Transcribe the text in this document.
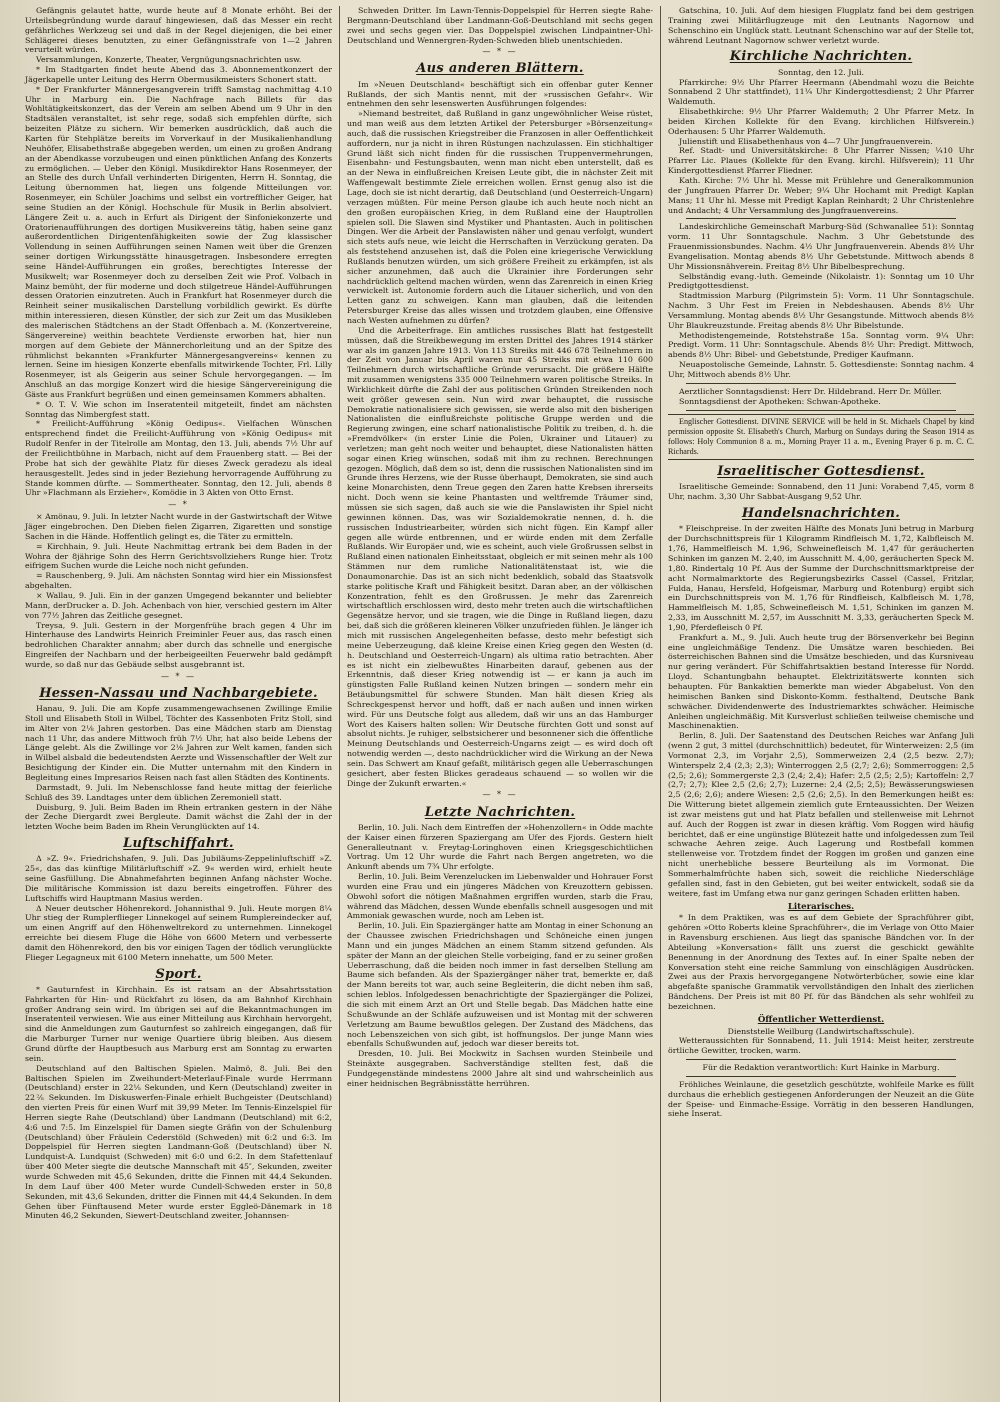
Gefängnis gelautet hatte, wurde heute auf 8 Monate erhöht. Bei der Urteilsbegründung wurde darauf hingewiesen, daß das Messer ein recht gefährliches Werkzeug sei und daß in der Regel diejenigen, die bei einer Schlägerei dieses benutzten, zu einer Gefängnisstrafe von 1—2 Jahren verurteilt würden.

Versammlungen, Konzerte, Theater, Vergnügungsnachrichten usw.

* Im Stadtgarten findet heute Abend das 3. Abonnementkonzert der Jägerkapelle unter Leitung des Herrn Obermusikmeisters Schonert statt.

* Der Frankfurter Männergesangverein trifft Samstag nachmittag 4.10 Uhr in Marburg ein. Die Nachfrage nach Billets für das Wohltätigkeitskonzert, das der Verein am selben Abend um 9 Uhr in den Stadtsälen veranstaltet, ist sehr rege, sodaß sich empfehlen dürfte, sich beizeiten Plätze zu sichern. Wir bemerken ausdrücklich, daß auch die Karten für Stehplätze bereits im Vorverkauf in der Musikalienhandlung Neuhöfer, Elisabethstraße abgegeben werden, um einen zu großen Andrang an der Abendkasse vorzubeugen und einen pünktlichen Anfang des Konzerts zu ermöglichen. — Ueber den Königl. Musikdirektor Hans Rosenmeyer, der an Stelle des durch Unfall verhinderten Dirigenten, Herrn H. Sonntag, die Leitung übernommen hat, liegen uns folgende Mitteilungen vor. Rosenmeyer, ein Schüler Joachims und selbst ein vortrefflicher Geiger, hat seine Studien an der Königl. Hochschule für Musik in Berlin absolviert. Längere Zeit u. a. auch in Erfurt als Dirigent der Sinfoniekonzerte und Oratorienaufführungen des dortigen Musikvereins tätig, haben seine ganz außerordentlichen Dirigentenfähigkeiten sowie der Zug klassischer Vollendung in seinen Aufführungen seinen Namen weit über die Grenzen seiner dortigen Wirkungsstätte hinausgetragen. Insbesondere erregten seine Händel-Aufführungen ein großes, berechtigtes Interesse der Musikwelt; war Rosenmeyer doch zu derselben Zeit wie Prof. Volbach in Mainz bemüht, der für moderne und doch stilgetreue Händel-Aufführungen dessen Oratorien einzutreten. Auch in Frankfurt hat Rosenmeyer durch die Reinheit seiner musikalischen Darstellung vorbildlich gewirkt. Es dürfte mithin interessieren, diesen Künstler, der sich zur Zeit um das Musikleben des malerischen Städtchens an der Stadt Offenbach a. M. (Konzertvereine, Sängervereine) weithin beachtete Verdienste erworben hat, hier nun morgen auf dem Gebiete der Männerchorleitung und an der Spitze des rühmlichst bekannten »Frankfurter Männergesangvereins« kennen zu lernen. Seine im hiesigen Konzerte ebenfalls mitwirkende Tochter, Frl. Lilly Rosenmeyer, ist als Geigerin aus seiner Schule hervorgegangen. — Im Anschluß an das morgige Konzert wird die hiesige Sängervereinigung die Gäste aus Frankfurt begrüßen und einen gemeinsamen Kommers abhalten.

* O. T. V. Wie schon im Inseratenteil mitgeteilt, findet am nächsten Sonntag das Nimbergfest statt.

* Freilicht-Aufführung »König Oedipus«. Vielfachen Wünschen entsprechend findet die Freilicht-Aufführung von »König Oedipus« mit Rudolf Renfer in der Titelrolle am Montag, den 13. Juli, abends 7½ Uhr auf der Freilichtbühne in Marbach, nicht auf dem Frauenberg statt. — Bei der Probe hat sich der gewählte Platz für dieses Zweck geradezu als ideal herausgestellt. Jedes sind in jeder Beziehung hervorragende Aufführung zu Stande kommen dürfte. — Sommertheater. Sonntag, den 12. Juli, abends 8 Uhr »Flachmann als Erzieher«, Komödie in 3 Akten von Otto Ernst.

— *

× Amönau, 9. Juli. In letzter Nacht wurde in der Gastwirtschaft der Witwe Jäger eingebrochen. Den Dieben fielen Zigarren, Zigaretten und sonstige Sachen in die Hände. Hoffentlich gelingt es, die Täter zu ermitteln.

= Kirchhain, 9. Juli. Heute Nachmittag ertrank bei dem Baden in der Wohra der 8jährige Sohn des Herrn Gerichtsvollziehers Runge hier. Trotz eifrigem Suchen wurde die Leiche noch nicht gefunden.

= Rauschenberg, 9. Juli. Am nächsten Sonntag wird hier ein Missionsfest abgehalten.

× Wallau, 9. Juli. Ein in der ganzen Umgegend bekannter und beliebter Mann, derDrucker a. D. Joh. Achenbach von hier, verschied gestern im Alter von 77½ Jahren das Zeitliche gesegnet.

Treysa, 9. Juli. Gestern in der Morgenfrühe brach gegen 4 Uhr im Hinterhause des Landwirts Heinrich Freiminler Feuer aus, das rasch einen bedrohlichen Charakter annahm; aber durch das schnelle und energische Eingreifen der Nachbarn und der herbeigeeilten Feuerwehr bald gedämpft wurde, so daß nur das Gebäude selbst ausgebrannt ist.

— * —
Hessen-Nassau und Nachbargebiete.

Hanau, 9. Juli. Die am Kopfe zusammengewachsenen Zwillinge Emilie Stoll und Elisabeth Stoll in Wilbel, Töchter des Kassenboten Fritz Stoll, sind im Alter von 2⅛ Jahren gestorben. Das eine Mädchen starb am Dienstag nach 11 Uhr, das andere Mittwoch früh 7½ Uhr, hat also beide Lebens der Länge gelebt. Als die Zwillinge vor 2⅛ Jahren zur Welt kamen, fanden sich in Wilbel alsbald die bedeutendsten Aerzte und Wissenschaftler der Welt zur Besichtigung der Kinder ein. Die Mutter unternahm mit den Kindern in Begleitung eines Impresarios Reisen nach fast allen Städten des Kontinents.

Darmstadt, 9. Juli. Im Nebenschlosse fand heute mittag der feierliche Schluß des 39. Landtages unter dem üblichen Zeremoniell statt.

Duisburg, 9. Juli. Beim Baden im Rhein ertranken gestern in der Nähe der Zeche Diergardt zwei Bergleute. Damit wächst die Zahl der in der letzten Woche beim Baden im Rhein Verunglückten auf 14.

Luftschiffahrt.

Δ »Z. 9«. Friedrichshafen, 9. Juli. Das Jubiläums-Zeppelinluftschiff »Z. 25«, das das künftige Militärluftschiff »Z. 9« werden wird, erhielt heute seine Gasfüllung. Die Abnahmefahrten beginnen Anfang nächster Woche. Die militärische Kommission ist dazu bereits eingetroffen. Führer des Luftschiffs wird Hauptmann Masius werden.

Δ Neuer deutscher Höhenrekord. Johannisthal 9. Juli. Heute morgen 8¼ Uhr stieg der Rumplerflieger Linnekogel auf seinem Rumplereindecker auf, um einen Angriff auf den Höhenweltrekord zu unternehmen. Linnekogel erreichte bei diesem Fluge die Höhe von 6600 Metern und verbesserte damit den Höhenrekord, den bis vor einigen Tagen der tödlich verunglückte Flieger Legagneux mit 6100 Metern innehatte, um 500 Meter.

Sport.

* Gauturnfest in Kirchhain. Es ist ratsam an der Absahrtsstation Fahrkarten für Hin- und Rückfahrt zu lösen, da am Bahnhof Kirchhain großer Andrang sein wird. Im übrigen sei auf die Bekanntmachungen im Inseratenteil verwiesen. Wie aus einer Mitteilung aus Kirchhain hervorgeht, sind die Anmeldungen zum Gauturnfest so zahlreich eingegangen, daß für die Marburger Turner nur wenige Quartiere übrig bleiben. Aus diesem Grund dürfte der Hauptbesuch aus Marburg erst am Sonntag zu erwarten sein.

Deutschland auf den Baltischen Spielen. Malmö, 8. Juli. Bei den Baltischen Spielen im Zweihundert-Meterlauf-Finale wurde Herrmann (Deutschland) erster in 22⅕ Sekunden, und Kern (Deutschland) zweiter in 22⅖ Sekunden. Im Diskuswerfen-Finale erhielt Buchgeister (Deutschland) den vierten Preis für einen Wurf mit 39,99 Meter. Im Tennis-Einzelspiel für Herren siegte Rahe (Deutschland) über Landmann (Deutschland) mit 6:2, 4:6 und 7:5. Im Einzelspiel für Damen siegte Gräfin von der Schulenburg (Deutschland) über Fräulein Cederstöld (Schweden) mit 6:2 und 6:3. Im Doppelspiel für Herren siegten Landmann-Goß (Deutschland) über N. Lundquist-A. Lundquist (Schweden) mit 6:0 und 6:2. In dem Stafettenlauf über 400 Meter siegte die deutsche Mannschaft mit 45″, Sekunden, zweiter wurde Schweden mit 45,6 Sekunden, dritte die Finnen mit 44,4 Sekunden. In dem Lauf über 400 Meter wurde Cundell-Schweden erster in 50,8 Sekunden, mit 43,6 Sekunden, dritter die Finnen mit 44,4 Sekunden. In dem Gehen über Fünftausend Meter wurde erster Eggleö-Dänemark in 18 Minuten 46,2 Sekunden, Siewert-Deutschland zweiter, Johannsen-

Schweden Dritter. Im Lawn-Tennis-Doppelspiel für Herren siegte Rahe-Bergmann-Deutschland über Landmann-Goß-Deutschland mit sechs gegen zwei und sechs gegen vier. Das Doppelspiel zwischen Lindpaintner-Uhl-Deutschland und Wennergren-Ryden-Schweden blieb unentschieden.

— * —
Aus anderen Blättern.

Im »Neuen Deutschland« beschäftigt sich ein offenbar guter Kenner Rußlands, der sich Mantis nennt, mit der »russischen Gefahr«. Wir entnehmen den sehr lesenswerten Ausführungen folgendes:

»Niemand bestreitet, daß Rußland in ganz ungewöhnlicher Weise rüstet, und man weiß aus dem letzten Artikel der Petersburger »Börsenzeitung« auch, daß die russischen Kriegstreiber die Franzosen in aller Oeffentlichkeit auffordern, nur ja nicht in ihren Rüstungen nachzulassen. Ein stichhaltiger Grund läßt sich nicht finden für die russischen Truppenvermehrungen, Eisenbahn- und Festungsbauten, wenn man nicht eben unterstellt, daß es an der Newa in einflußreichen Kreisen Leute gibt, die in nächster Zeit mit Waffengewalt bestimmte Ziele erreichen wollen. Ernst genug also ist die Lage, doch sie ist nicht derartig, daß Deutschland (und Oesterreich-Ungarn) verzagen müßten. Für meine Person glaube ich auch heute noch nicht an den großen europäischen Krieg, in dem Rußland eine der Hauptrollen spielen soll. Die Slawen sind Mystiker und Phantasten. Auch in politischen Dingen. Wer die Arbeit der Panslawisten näher und genau verfolgt, wundert sich stets aufs neue, wie leicht die Herrschaften in Verzückung geraten. Da als feststehend anzusehen ist, daß die Polen eine kriegerische Verwicklung Rußlands benutzen würden, um sich größere Freiheit zu erkämpfen, ist als sicher anzunehmen, daß auch die Ukrainier ihre Forderungen sehr nachdrücklich geltend machen würden, wenn das Zarenreich in einen Krieg verwickelt ist. Autonomie fordern auch die Litauer sicherlich, und von den Letten ganz zu schweigen. Kann man glauben, daß die leitenden Petersburger Kreise das alles wissen und trotzdem glauben, eine Offensive nach Westen aufnehmen zu dürfen?

Und die Arbeiterfrage. Ein amtliches russisches Blatt hat festgestellt müssen, daß die Streikbewegung im ersten Drittel des Jahres 1914 stärker war als im ganzen Jahre 1913. Von 113 Streiks mit 446 678 Teilnehmern in der Zeit von Januar bis April waren nur 45 Streiks mit etwa 110 600 Teilnehmern durch wirtschaftliche Gründe verursacht. Die größere Hälfte mit zusammen wenigstens 335 000 Teilnehmern waren politische Streiks. In Wirklichkeit dürfte die Zahl der aus politischen Gründen Streikenden noch weit größer gewesen sein. Nun wird zwar behauptet, die russische Demokratie nationalisiere sich gewissen, sie werde also mit den bisherigen Nationalisten die einflußreichste politische Gruppe werden und die Regierung zwingen, eine scharf nationalistische Politik zu treiben, d. h. die »Fremdvölker« (in erster Linie die Polen, Ukrainer und Litauer) zu verletzen; man geht noch weiter und behauptet, diese Nationalisten hätten sogar einen Krieg wünschen, sodaß mit ihm zu rechnen. Berechnungen gezogen. Möglich, daß dem so ist, denn die russischen Nationalisten sind im Grunde ihres Herzens, wie der Russe überhaupt, Demokraten, sie sind auch keine Monarchisten, denn Treue gegen den Zaren hatte Krebsen ihrerseits nicht. Doch wenn sie keine Phantasten und weltfremde Träumer sind, müssen sie sich sagen, daß auch sie wie die Panslawisten ihr Spiel nicht gewinnen können. Das, was wir Sozialdemokratie nennen, d. h. die russischen Industriearbeiter, würden sich nicht fügen. Ein Kampf aller gegen alle würde entbrennen, und er würde enden mit dem Zerfalle Rußlands. Wir Europäer und, wie es scheint, auch viele Großrussen selbst in Rußland einen nationalen Einheitsstaat, obgleich er mit seinen mehr als 100 Stämmen nur dem rumliche Nationalitätenstaat ist, wie die Donaumonarchie. Das ist an sich nicht bedenklich, sobald das Staatsvolk starke politische Kraft und Fähigkeit besitzt. Daran aber, an der völkischen Konzentration, fehlt es den Großrussen. Je mehr das Zarenreich wirtschaftlich erschlossen wird, desto mehr treten auch die wirtschaftlichen Gegensätze hervor, und sie tragen, wie die Dinge in Rußland liegen, dazu bei, daß sich die größeren kleineren Völker unzufrieden fühlen. Je länger ich mich mit russischen Angelegenheiten befasse, desto mehr befestigt sich meine Ueberzeugung, daß kleine Kreise einen Krieg gegen den Westen (d. h. Deutschland und Oesterreich-Ungarn) als ultima ratio betrachten. Aber es ist nicht ein zielbewußtes Hinarbeiten darauf, gebenen aus der Erkenntnis, daß dieser Krieg notwendig ist — er kann ja auch im günstigsten Falle Rußland keinen Nutzen bringen — sondern mehr ein Betäubungsmittel für schwere Stunden. Man hält diesen Krieg als Schreckgespenst hervor und hofft, daß er nach außen und innen wirken wird. Für uns Deutsche folgt aus alledem, daß wir uns an das Hamburger Wort des Kaisers halten sollen: Wir Deutsche fürchten Gott und sonst auf absolut nichts. Je ruhiger, selbstsicherer und besonnener sich die öffentliche Meinung Deutschlands und Oesterreich-Ungarns zeigt — es wird doch oft notwendig werden —, desto nachdrücklicher wird die Wirkung an der Newa sein. Das Schwert am Knauf gefaßt, militärisch gegen alle Ueberraschungen gesichert, aber festen Blickes geradeaus schauend — so wollen wir die Dinge der Zukunft erwarten.«

— * —
Letzte Nachrichten.

Berlin, 10. Juli. Nach dem Eintreffen der »Hohenzollern« in Odde machte der Kaiser einen fürzeren Spaziergang am Ufer des Fjords. Gestern hielt Generalleutnant v. Freytag-Loringhoven einen Kriegsgeschichtlichen Vortrag. Um 12 Uhr wurde die Fahrt nach Bergen angetreten, wo die Ankunft abends um 7¾ Uhr erfolgte.

Berlin, 10. Juli. Beim Verenzelucken im Liebenwalder und Hohrauer Forst wurden eine Frau und ein jüngeres Mädchen von Kreuzottern gebissen. Obwohl sofort die nötigen Maßnahmen ergriffen wurden, starb die Frau, während das Mädchen, dessen Wunde ebenfalls schnell ausgesogen und mit Ammoniak gewaschen wurde, noch am Leben ist.

Berlin, 10. Juli. Ein Spaziergänger hatte am Montag in einer Schonung an der Chaussee zwischen Friedrichshagen und Schöneiche einen jungen Mann und ein junges Mädchen an einem Stamm sitzend gefunden. Als später der Mann an der gleichen Stelle vorbeiging, fand er zu seiner großen Ueberraschung, daß die beiden noch immer in fast derselben Stellung am Baume sich befanden. Als der Spaziergänger näher trat, bemerkte er, daß der Mann bereits tot war, auch seine Begleiterin, die dicht neben ihm saß, schien leblos. Infolgedessen benachrichtigte der Spaziergänger die Polizei, die sich mit einem Arzt an Ort und Stelle begab. Das Mädchen hatte eine Schußwunde an der Schläfe aufzuweisen und ist Montag mit der schweren Verletzung am Baume bewußtlos gelegen. Der Zustand des Mädchens, das noch Lebenszeichen von sich gibt, ist hoffnungslos. Der junge Mann wies ebenfalls Schußwunden auf, jedoch war dieser bereits tot.

Dresden, 10. Juli. Bei Mockwitz in Sachsen wurden Steinbeile und Steinäxte ausgegraben. Sachverständige stellten fest, daß die Fundgegenstände mindestens 2000 Jahre alt sind und wahrscheinlich aus einer heidnischen Begräbnisstätte herrühren.

Gatschina, 10. Juli. Auf dem hiesigen Flugplatz fand bei dem gestrigen Training zwei Militärflugzeuge mit den Leutnants Nagornow und Schenschino ein Unglück statt. Leutnant Schenschino war auf der Stelle tot, während Leutnant Nagornow schwer verletzt wurde.

Kirchliche Nachrichten.
Sonntag, den 12. Juli.

Pfarrkirche: 9½ Uhr Pfarrer Heermann (Abendmahl wozu die Beichte Sonnabend 2 Uhr stattfindet), 11¼ Uhr Kindergottesdienst; 2 Uhr Pfarrer Waldemuth.

Elisabethkirche: 9½ Uhr Pfarrer Waldemuth; 2 Uhr Pfarrer Metz. In beiden Kirchen Kollekte für den Evang. kirchlichen Hilfsverein.) Oderhausen: 5 Uhr Pfarrer Waldemuth.

Julienstift und Elisabethenhaus von 4—7 Uhr Jungfrauenverein.

Ref. Stadt- und Universitätskirche: 8 Uhr Pfarrer Nissen; ¼10 Uhr Pfarrer Lic. Plaues (Kollekte für den Evang. kirchl. Hilfsverein); 11 Uhr Kindergottesdienst Pfarrer Fliedner.

Kath. Kirche: 7½ Uhr hl. Messe mit Frühlehre und Generalkommunion der Jungfrauen Pfarrer Dr. Weber; 9¼ Uhr Hochamt mit Predigt Kaplan Mans; 11 Uhr hl. Messe mit Predigt Kaplan Reinhardt; 2 Uhr Christenlehre und Andacht; 4 Uhr Versammlung des Jungfrauenvereins.

Landeskirchliche Gemeinschaft Marburg-Süd (Schwanallee 51): Sonntag vorm. 11 Uhr Sonntagschule. Nachm. 3 Uhr Gebetstunde des Frauenmissionsbundes. Nachm. 4½ Uhr Jungfrauenverein. Abends 8½ Uhr Evangelisation. Montag abends 8½ Uhr Gebetstunde. Mittwoch abends 8 Uhr Missionsnähverein. Freitag 8½ Uhr Bibelbesprechung.

Selbständig evang.-luth. Gemeinde (Nikolaistr. 1): Sonntag um 10 Uhr Predigtgottesdienst.

Stadtmission Marburg (Pilgrimstein 5): Vorm. 11 Uhr Sonntagschule. Nachm. 3 Uhr Fest im Freien in Nebdeshausen. Abends 8½ Uhr Versammlung. Montag abends 8½ Uhr Gesangstunde. Mittwoch abends 8½ Uhr Blaukreuzstunde. Freitag abends 8½ Uhr Bibelstunde.

Methodistengemeinde, Rotstehstraße 15a. Sonntag vorm. 9¼ Uhr: Predigt. Vorm. 11 Uhr: Sonntagschule. Abends 8½ Uhr: Predigt. Mittwoch, abends 8½ Uhr: Bibel- und Gebetstunde, Prediger Kaufmann.

Neuapostolische Gemeinde, Lahnstr. 5. Gottesdienste: Sonntag nachm. 4 Uhr, Mittwoch abends 8½ Uhr.

Aerztlicher Sonntagsdienst: Herr Dr. Hildebrand. Herr Dr. Müller.

Sonntagsdienst der Apotheken: Schwan-Apotheke.

Englischer Gottesdienst. DIVINE SERVICE will be held in St. Michaels Chapel by kind permission opposite St. Elisabeth's Church, Marburg on Sundays during the Season 1914 as follows: Holy Communion 8 a. m., Morning Prayer 11 a. m., Evening Prayer 6 p. m. C. C. Richards.

Israelitischer Gottesdienst.

Israelitische Gemeinde: Sonnabend, den 11 Juni: Vorabend 7,45, vorm 8 Uhr, nachm. 3,30 Uhr Sabbat-Ausgang 9,52 Uhr.

Handelsnachrichten.

* Fleischpreise. In der zweiten Hälfte des Monats Juni betrug in Marburg der Durchschnittspreis für 1 Kilogramm Rindfleisch M. 1,72, Kalbfleisch M. 1,76, Hammelfleisch M. 1,96, Schweinefleisch M. 1,47 für geräucherten Schinken im ganzen M. 2,40, im Ausschnitt M. 4,00, geräucherten Speck M. 1,80. Rindertalg 10 Pf. Aus der Summe der Durchschnittsmarktpreise der acht Normalmarktorte des Regierungsbezirks Cassel (Cassel, Fritzlar, Fulda, Hanau, Hersfeld, Hofgeismar, Marburg und Rotenburg) ergibt sich ein Durchschnittspreis von M. 1,76 für Rindfleisch, Kalbfleisch M. 1,78, Hammelfleisch M. 1,85, Schweinefleisch M. 1,51, Schinken im ganzen M. 2,33, im Ausschnitt M. 2,57, im Ausschnitt M. 3,33, geräucherten Speck M. 1,90, Pferdefleisch 0 Pf.

Frankfurt a. M., 9. Juli. Auch heute trug der Börsenverkehr bei Beginn eine ungleichmäßige Tendenz. Die Umsätze waren beschieden. Bei österreichischen Bahnen sind die Umsätze beschieden, und das Kursniveau nur gering verändert. Für Schiffahrtsaktien bestand Interesse für Nordd. Lloyd. Schantungbahn behauptet. Elektrizitätswerte konnten sich behaupten. Für Bankaktien bemerkte man wieder Abgabelust. Von den heimischen Banken sind Diskonto-Komm. festhaltend, Deutsche Bank schwächer. Dividendenwerte des Industriemarktes schwächer. Heimische Anleihen ungleichmäßig. Mit Kursverlust schließen teilweise chemische und Maschinenaktien.

Berlin, 8. Juli. Der Saatenstand des Deutschen Reiches war Anfang Juli (wenn 2 gut, 3 mittel (durchschnittlich) bedeutet, für Winterweizen: 2,5 (im Vormonat 2,3, im Vorjahr 2,5), Sommerweizen 2,4 (2,5 bezw. 2,7); Winterspelz 2,4 (2,3; 2,3); Winterroggen 2,5 (2,7; 2,6); Sommerroggen: 2,5 (2,5; 2,6); Sommergerste 2,3 (2,4; 2,4); Hafer: 2,5 (2,5; 2,5); Kartoffeln: 2,7 (2,7; 2,7); Klee 2,5 (2,6; 2,7); Luzerne: 2,4 (2,5; 2,5); Bewässerungswiesen 2,5 (2,6; 2,6); andere Wiesen: 2,5 (2,6; 2,5). In den Bemerkungen heißt es: Die Witterung bietet allgemein ziemlich gute Ernteaussichten. Der Weizen ist zwar meistens gut und hat Platz befallen und stellenweise mit Lehrnot auf. Auch der Roggen ist zwar in diesen kräftig. Vom Roggen wird häufig berichtet, daß er eine ungünstige Blütezeit hatte und infolgedessen zum Teil schwache Aehren zeige. Auch Lagerung und Rostbefall kommen stellenweise vor. Trotzdem findet der Roggen im großen und ganzen eine nicht unerhebliche bessere Beurteilung als im Vormonat. Die Sommerhalmfrüchte haben sich, soweit die reichliche Niederschläge gefallen sind, fast in den Gebieten, gut bei weiter entwickelt, sodaß sie da weitere, fast im Umfang etwa nur ganz geringen Schaden erlitten haben.

Literarisches.

* In dem Praktiken, was es auf dem Gebiete der Sprachführer gibt, gehören »Otto Roberts kleine Sprachführer«, die im Verlage von Otto Maier in Ravensburg erschienen. Aus liegt das spanische Bändchen vor. In der Abteilung »Konversation« fällt uns zuerst die geschickt gewählte Benennung in der Anordnung des Textes auf. In einer Spalte neben der Konversation steht eine reiche Sammlung von einschlägigen Ausdrücken. Zwei aus der Praxis hervorgegangene Notwörterbücher, sowie eine klar abgefaßte spanische Grammatik vervollständigen den Inhalt des zierlichen Bändchens. Der Preis ist mit 80 Pf. für das Bändchen als sehr wohlfeil zu bezeichnen.

Öffentlicher Wetterdienst.
Dienststelle Weilburg (Landwirtschaftsschule).

Wetteraussichten für Sonnabend, 11. Juli 1914: Meist heiter, zerstreute örtliche Gewitter, trocken, warm.

Für die Redaktion verantwortlich: Kurt Hainke in Marburg.

Fröhliches Weinlaune, die gesetzlich geschützte, wohlfeile Marke es füllt durchaus die erheblich gestiegenen Anforderungen der Neuzeit an die Güte der Speise- und Einmache-Essige. Vorrätig in den besseren Handlungen, siehe Inserat.
